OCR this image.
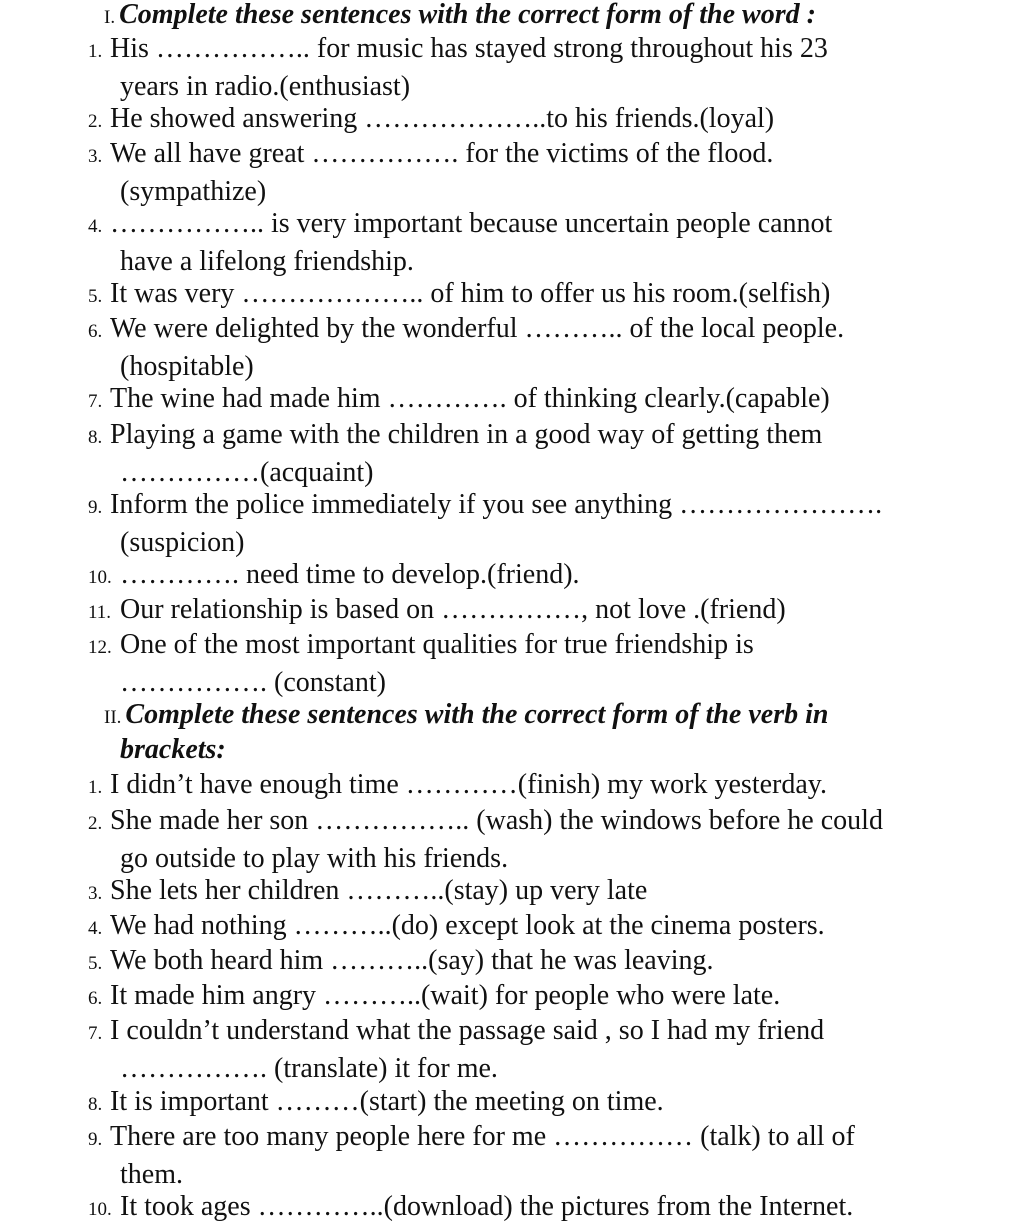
I. Complete these sentences with the correct form of the word :
1. His …………….. for music has stayed strong throughout his 23
years in radio.(enthusiast)
2. He showed answering ………………..to his friends.(loyal)
3. We all have great ……………. for the victims of the flood.
(sympathize)
4. …………….. is very important because uncertain people cannot
have a lifelong friendship.
5. It was very ……………….. of him to offer us his room.(selfish)
6. We were delighted by the wonderful ……….. of the local people.
(hospitable)
7. The wine had made him …………. of thinking clearly.(capable)
8. Playing a game with the children in a good way of getting them
……………(acquaint)
9. Inform the police immediately if you see anything ………………….
(suspicion)
10. …………. need time to develop.(friend).
11. Our relationship is based on ……………, not love .(friend)
12. One of the most important qualities for true friendship is
……………. (constant)
II. Complete these sentences with the correct form of the verb in
brackets:
1. I didn’t have enough time …………(finish) my work yesterday.
2. She made her son …………….. (wash) the windows before he could
go outside to play with his friends.
3. She lets her children ………..(stay) up very late
4. We had nothing ………..(do) except look at the cinema posters.
5. We both heard him ………..(say) that he was leaving.
6. It made him angry ………..(wait) for people who were late.
7. I couldn’t understand what the passage said , so I had my friend
……………. (translate) it for me.
8. It is important ………(start) the meeting on time.
9. There are too many people here for me …………… (talk) to all of
them.
10. It took ages …………..(download) the pictures from the Internet.
